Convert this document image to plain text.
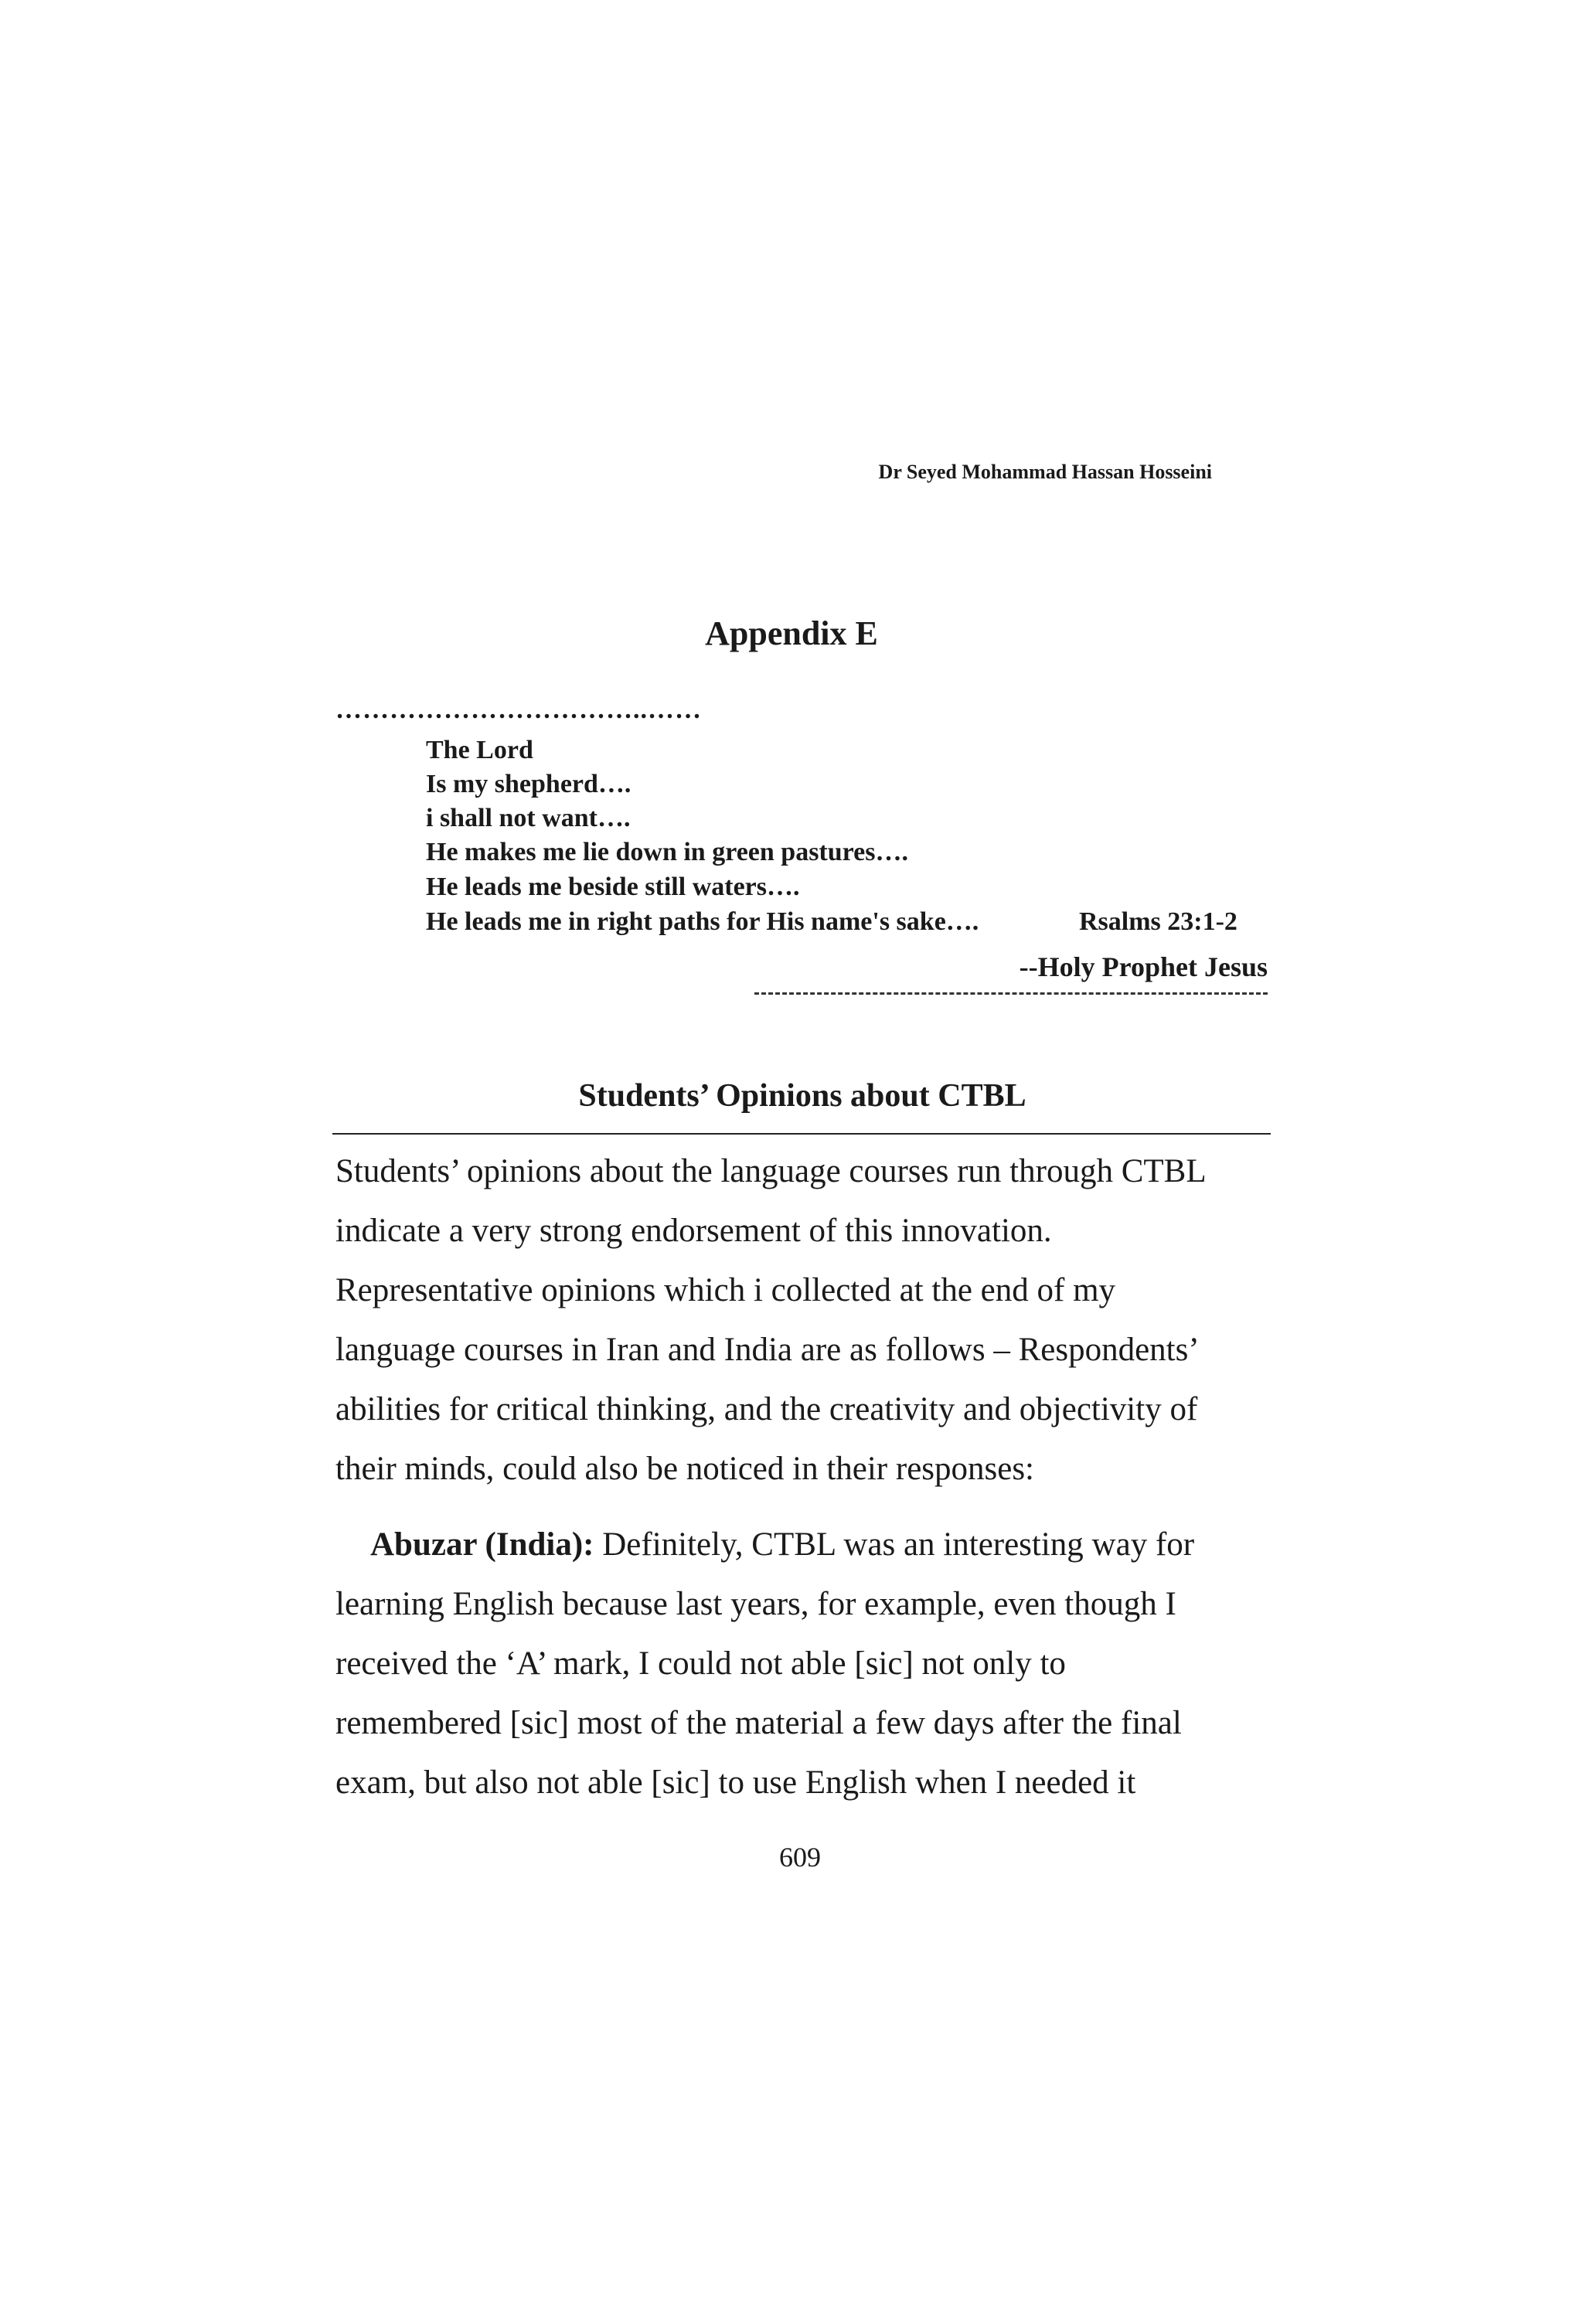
Dr Seyed Mohammad Hassan Hosseini
Appendix E
……………………………..……
The Lord
Is my shepherd….
i shall not want….
He makes me lie down in green pastures….
He leads me beside still waters….
He leads me in right paths for His name's sake….	Rsalms 23:1-2
--Holy Prophet Jesus
Students’ Opinions about CTBL
Students’ opinions about the language courses run through CTBL
indicate a very strong endorsement of this innovation.
Representative opinions which i collected at the end of my
language courses in Iran and India are as follows – Respondents’
abilities for critical thinking, and the creativity and objectivity of
their minds, could also be noticed in their responses:
Abuzar (India): Definitely, CTBL was an interesting way for
learning English because last years, for example, even though I
received the ‘A’ mark, I could not able [sic] not only to
remembered [sic] most of the material a few days after the final
exam, but also not able [sic] to use English when I needed it
609
